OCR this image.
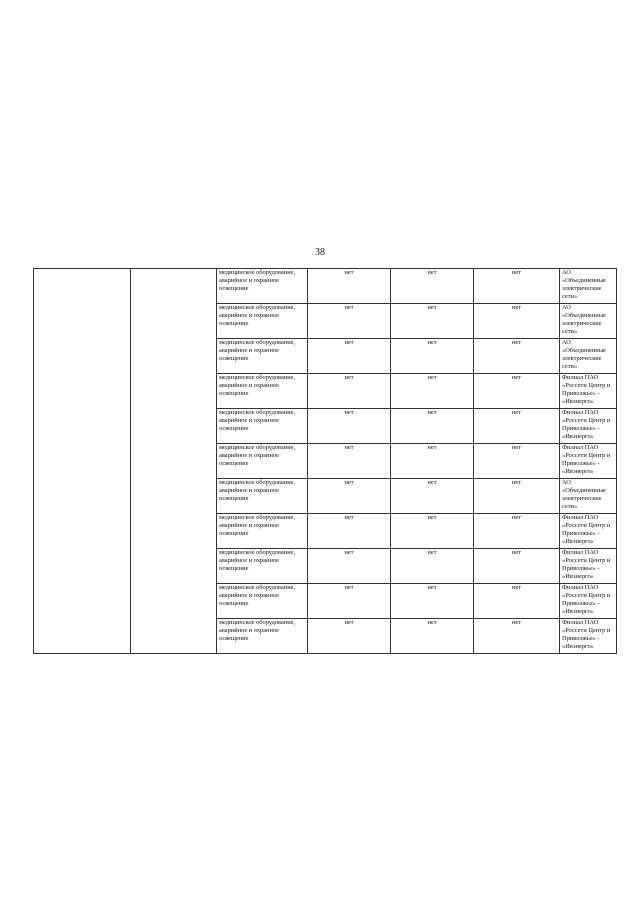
38
		медицинское оборудование, аварийное и охранное освещение	нет	нет	нет	АО
«Объединенные
электрические
сети»

		медицинское оборудование, аварийное и охранное освещение	нет	нет	нет	АО
«Объединенные
электрические
сети»

		медицинское оборудование, аварийное и охранное освещение	нет	нет	нет	АО
«Объединенные
электрические
сети»

		медицинское оборудование, аварийное и охранное освещение	нет	нет	нет	Филиал ПАО
«Россети Центр и
Приволжье» -
«Ивэнерго»

		медицинское оборудование, аварийное и охранное освещение	нет	нет	нет	Филиал ПАО
«Россети Центр и
Приволжье» -
«Ивэнерго»

		медицинское оборудование, аварийное и охранное освещение	нет	нет	нет	Филиал ПАО
«Россети Центр и
Приволжье» -
«Ивэнерго»

		медицинское оборудование, аварийное и охранное освещение	нет	нет	нет	АО
«Объединенные
электрические
сети»

		медицинское оборудование, аварийное и охранное освещение	нет	нет	нет	Филиал ПАО
«Россети Центр и
Приволжье» -
«Ивэнерго»

		медицинское оборудование, аварийное и охранное освещение	нет	нет	нет	Филиал ПАО
«Россети Центр и
Приволжье» -
«Ивэнерго»

		медицинское оборудование, аварийное и охранное освещение	нет	нет	нет	Филиал ПАО
«Россети Центр и
Приволжье» -
«Ивэнерго»

		медицинское оборудование, аварийное и охранное освещение	нет	нет	нет	Филиал ПАО
«Россети Центр и
Приволжье» -
«Ивэнерго»
